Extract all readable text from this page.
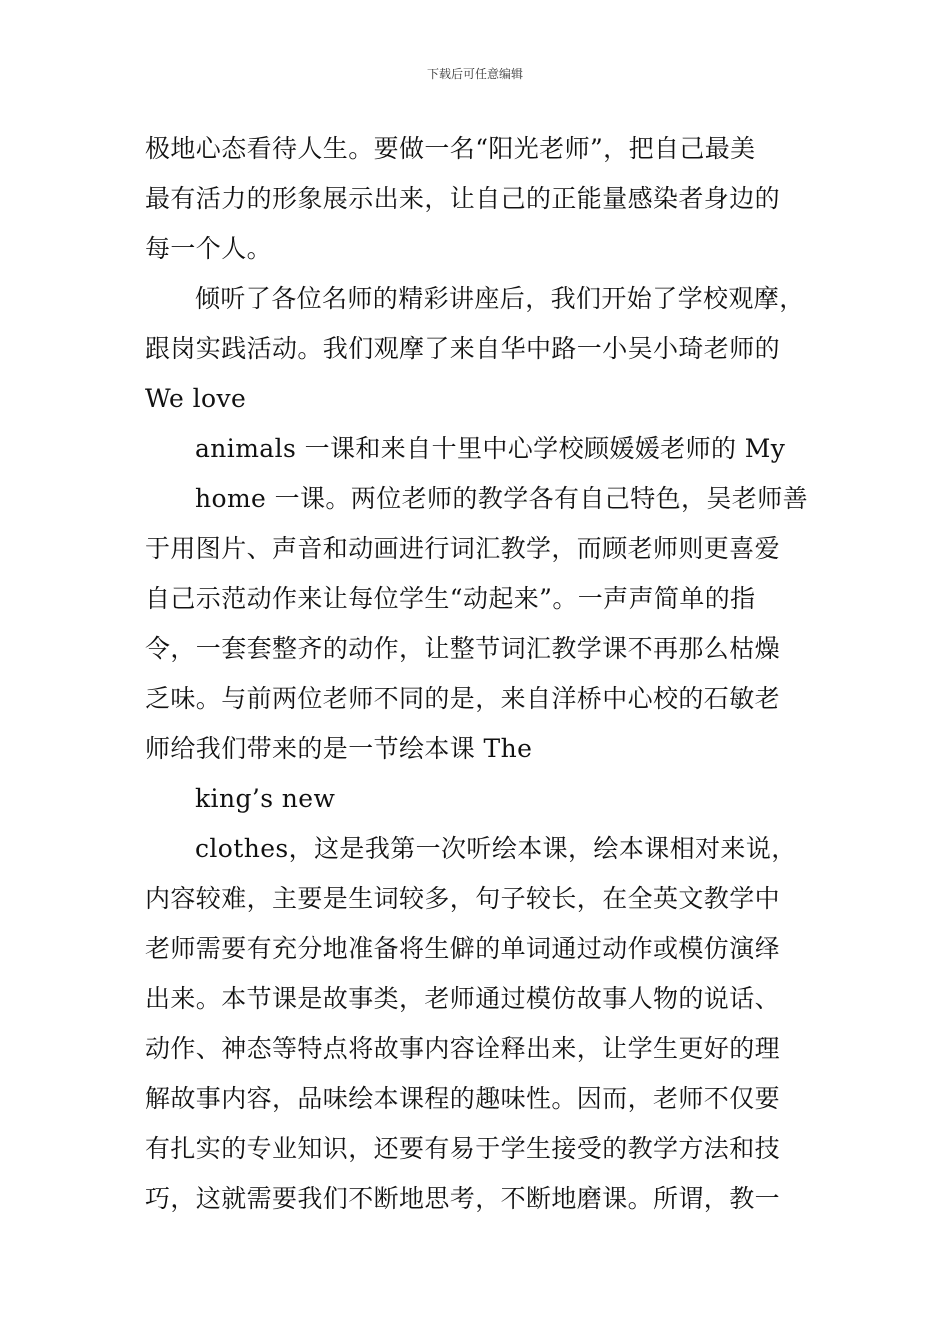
下载后可任意编辑
极地心态看待人生。要做一名“阳光老师”，把自己最美
最有活力的形象展示出来，让自己的正能量感染者身边的
每一个人。
倾听了各位名师的精彩讲座后，我们开始了学校观摩，
跟岗实践活动。我们观摩了来自华中路一小吴小琦老师的
We love
animals 一课和来自十里中心学校顾媛媛老师的 My
home 一课。两位老师的教学各有自己特色，吴老师善
于用图片、声音和动画进行词汇教学，而顾老师则更喜爱
自己示范动作来让每位学生“动起来”。一声声简单的指
令，一套套整齐的动作，让整节词汇教学课不再那么枯燥
乏味。与前两位老师不同的是，来自洋桥中心校的石敏老
师给我们带来的是一节绘本课 The
king’s new
clothes，这是我第一次听绘本课，绘本课相对来说，
内容较难，主要是生词较多，句子较长，在全英文教学中
老师需要有充分地准备将生僻的单词通过动作或模仿演绎
出来。本节课是故事类，老师通过模仿故事人物的说话、
动作、神态等特点将故事内容诠释出来，让学生更好的理
解故事内容，品味绘本课程的趣味性。因而，老师不仅要
有扎实的专业知识，还要有易于学生接受的教学方法和技
巧，这就需要我们不断地思考，不断地磨课。所谓，教一
